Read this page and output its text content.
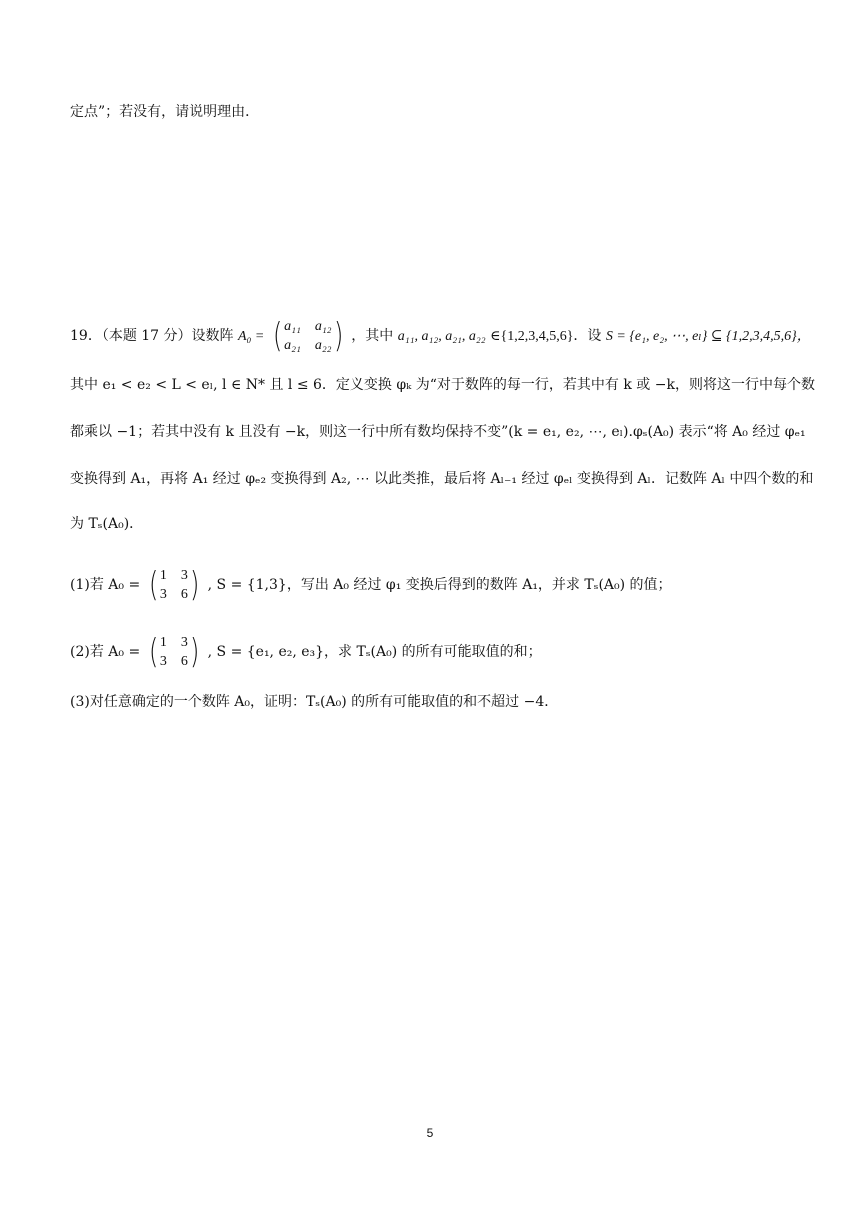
定点”；若没有，请说明理由．
19．（本题 17 分）设数阵 A₀ = ( a₁₁ a₁₂
a₂₁ a₂₂ ) ，其中 a₁₁, a₁₂, a₂₁, a₂₂ ∈{1,2,3,4,5,6}．设 S = {e₁, e₂, ⋯, eₗ} ⊆ {1,2,3,4,5,6}，
其中 e₁ < e₂ < L < eₗ, l ∈ N* 且 l ≤ 6．定义变换 φₖ 为“对于数阵的每一行，若其中有 k 或 −k，则将这一行中每个数
都乘以 −1；若其中没有 k 且没有 −k，则这一行中所有数均保持不变”(k = e₁, e₂, ⋯, eₗ).φₛ(A₀) 表示“将 A₀ 经过 φₑ₁
变换得到 A₁，再将 A₁ 经过 φₑ₂ 变换得到 A₂, ⋯ 以此类推，最后将 Aₗ₋₁ 经过 φₑₗ 变换得到 Aₗ．记数阵 Aₗ 中四个数的和
为 Tₛ(A₀)．
(1)若 A₀ = ( 1 3
3 6 ) , S = {1,3}，写出 A₀ 经过 φ₁ 变换后得到的数阵 A₁，并求 Tₛ(A₀) 的值；
(2)若 A₀ = ( 1 3
3 6 ) , S = {e₁, e₂, e₃}，求 Tₛ(A₀) 的所有可能取值的和；
(3)对任意确定的一个数阵 A₀，证明：Tₛ(A₀) 的所有可能取值的和不超过 −4．
5
